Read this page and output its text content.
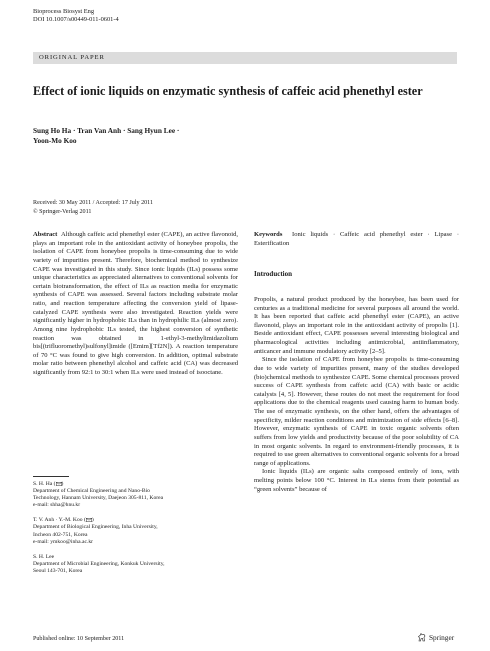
Bioprocess Biosyst Eng
DOI 10.1007/s00449-011-0601-4
ORIGINAL PAPER
Effect of ionic liquids on enzymatic synthesis of caffeic acid phenethyl ester
Sung Ho Ha · Tran Van Anh · Sang Hyun Lee ·
Yoon-Mo Koo
Received: 30 May 2011 / Accepted: 17 July 2011
© Springer-Verlag 2011

Abstract Although caffeic acid phenethyl ester (CAPE), an active flavonoid, plays an important role in the antioxidant activity of honeybee propolis, the isolation of CAPE from honeybee propolis is time-consuming due to wide variety of impurities present. Therefore, biochemical method to synthesize CAPE was investigated in this study. Since ionic liquids (ILs) possess some unique characteristics as appreciated alternatives to conventional solvents for certain biotransformation, the effect of ILs as reaction media for enzymatic synthesis of CAPE was assessed. Several factors including substrate molar ratio, and reaction temperature affecting the conversion yield of lipase-catalyzed CAPE synthesis were also investigated. Reaction yields were significantly higher in hydrophobic ILs than in hydrophilic ILs (almost zero). Among nine hydrophobic ILs tested, the highest conversion of synthetic reaction was obtained in 1-ethyl-3-methylimidazolium bis[(trifluoromethyl)sulfonyl]imide ([Emim][Tf2N]). A reaction temperature of 70 °C was found to give high conversion. In addition, optimal substrate molar ratio between phenethyl alcohol and caffeic acid (CA) was decreased significantly from 92:1 to 30:1 when ILs were used instead of isooctane.

S. H. Ha ( )
Department of Chemical Engineering and Nano-Bio
Technology, Hannam University, Daejeon 305-811, Korea
e-mail: shha@hnu.kr
T. V. Anh · Y.-M. Koo ( )
Department of Biological Engineering, Inha University,
Incheon 402-751, Korea
e-mail: ymkoo@inha.ac.kr
S. H. Lee
Department of Microbial Engineering, Konkuk University,
Seoul 143-701, Korea

Keywords Ionic liquids · Caffeic acid phenethyl ester · Lipase · Esterification

Introduction

Propolis, a natural product produced by the honeybee, has been used for centuries as a traditional medicine for several purposes all around the world. It has been reported that caffeic acid phenethyl ester (CAPE), an active flavonoid, plays an important role in the antioxidant activity of propolis [1]. Beside antioxidant effect, CAPE possesses several interesting biological and pharmacological activities including antimicrobial, antiinflammatory, anticancer and immune modulatory activity [2–5].

Since the isolation of CAPE from honeybee propolis is time-consuming due to wide variety of impurities present, many of the studies developed (bio)chemical methods to synthesize CAPE. Some chemical processes proved success of CAPE synthesis from caffeic acid (CA) with basic or acidic catalysts [4, 5]. However, these routes do not meet the requirement for food applications due to the chemical reagents used causing harm to human body. The use of enzymatic synthesis, on the other hand, offers the advantages of specificity, milder reaction conditions and minimization of side effects [6–8]. However, enzymatic synthesis of CAPE in toxic organic solvents often suffers from low yields and productivity because of the poor solubility of CA in most organic solvents. In regard to environment-friendly processes, it is required to use green alternatives to conventional organic solvents for a broad range of applications.

Ionic liquids (ILs) are organic salts composed entirely of ions, with melting points below 100 °C. Interest in ILs stems from their potential as “green solvents” because of

Published online: 10 September 2011	Springer
